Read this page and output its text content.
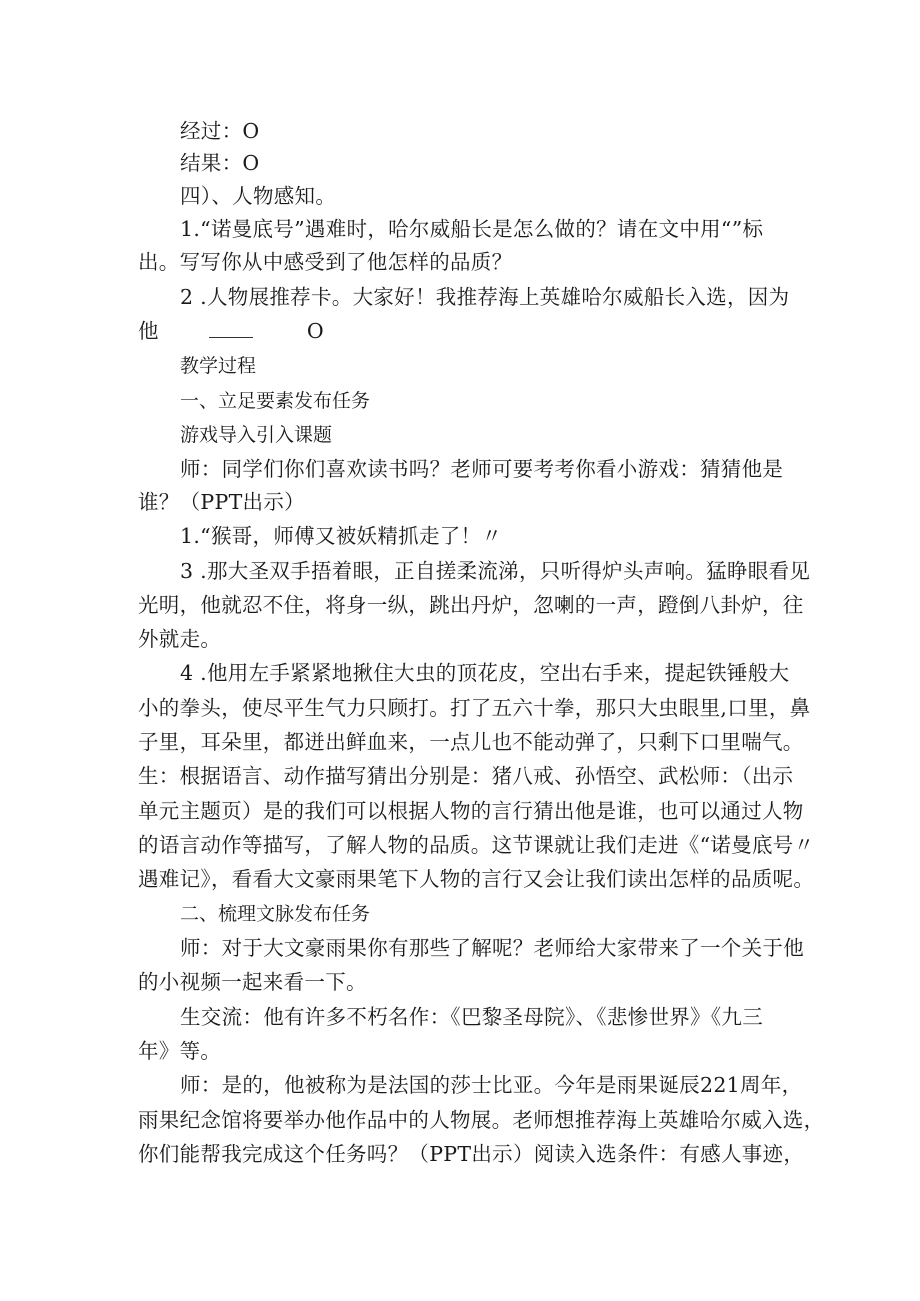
经过：O
结果：O
四）、人物感知。
1.“诺曼底号”遇难时，哈尔威船长是怎么做的？请在文中用“”标
出。写写你从中感受到了他怎样的品质？
2 .人物展推荐卡。大家好！我推荐海上英雄哈尔威船长入选，因为
他	O
教学过程
一、立足要素发布任务
游戏导入引入课题
师：同学们你们喜欢读书吗？老师可要考考你看小游戏：猜猜他是
谁？（PPT出示）
1.“猴哥，师傅又被妖精抓走了！〃
3 .那大圣双手捂着眼，正自搓柔流涕，只听得炉头声响。猛睁眼看见
光明，他就忍不住，将身一纵，跳出丹炉，忽喇的一声，蹬倒八卦炉，往
外就走。
4 .他用左手紧紧地揪住大虫的顶花皮，空出右手来，提起铁锤般大
小的拳头，使尽平生气力只顾打。打了五六十拳，那只大虫眼里,口里，鼻
子里，耳朵里，都迸出鲜血来，一点儿也不能动弹了，只剩下口里喘气。
生：根据语言、动作描写猜出分别是：猪八戒、孙悟空、武松师：（出示
单元主题页）是的我们可以根据人物的言行猜出他是谁，也可以通过人物
的语言动作等描写，了解人物的品质。这节课就让我们走进《“诺曼底号〃
遇难记》，看看大文豪雨果笔下人物的言行又会让我们读出怎样的品质呢。
二、梳理文脉发布任务
师：对于大文豪雨果你有那些了解呢？老师给大家带来了一个关于他
的小视频一起来看一下。
生交流：他有许多不朽名作：《巴黎圣母院》、《悲惨世界》《九三
年》等。
师：是的，他被称为是法国的莎士比亚。今年是雨果诞辰221周年，
雨果纪念馆将要举办他作品中的人物展。老师想推荐海上英雄哈尔威入选，
你们能帮我完成这个任务吗？（PPT出示）阅读入选条件：有感人事迹，
